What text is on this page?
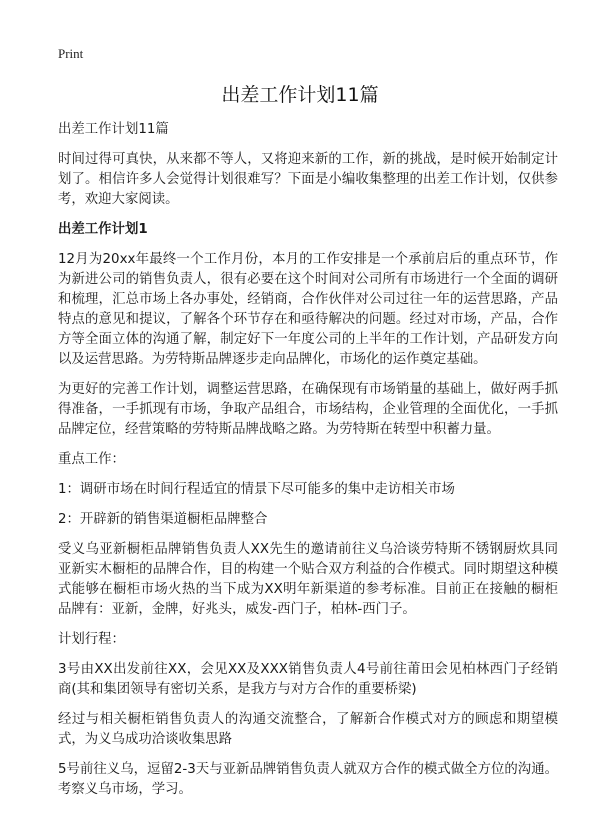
Print
出差工作计划11篇

出差工作计划11篇

时间过得可真快，从来都不等人，又将迎来新的工作，新的挑战，是时候开始制定计划了。相信许多人会觉得计划很难写？下面是小编收集整理的出差工作计划，仅供参考，欢迎大家阅读。

出差工作计划1

12月为20xx年最终一个工作月份，本月的工作安排是一个承前启后的重点环节，作为新进公司的销售负责人，很有必要在这个时间对公司所有市场进行一个全面的调研和梳理，汇总市场上各办事处，经销商，合作伙伴对公司过往一年的运营思路，产品特点的意见和提议，了解各个环节存在和亟待解决的问题。经过对市场，产品，合作方等全面立体的沟通了解，制定好下一年度公司的上半年的工作计划，产品研发方向以及运营思路。为劳特斯品牌逐步走向品牌化，市场化的运作奠定基础。

为更好的完善工作计划，调整运营思路，在确保现有市场销量的基础上，做好两手抓得准备，一手抓现有市场，争取产品组合，市场结构，企业管理的全面优化，一手抓品牌定位，经营策略的劳特斯品牌战略之路。为劳特斯在转型中积蓄力量。

重点工作：

1：调研市场在时间行程适宜的情景下尽可能多的集中走访相关市场

2：开辟新的销售渠道橱柜品牌整合

受义乌亚新橱柜品牌销售负责人XX先生的邀请前往义乌洽谈劳特斯不锈钢厨炊具同亚新实木橱柜的品牌合作，目的构建一个贴合双方利益的合作模式。同时期望这种模式能够在橱柜市场火热的当下成为XX明年新渠道的参考标准。目前正在接触的橱柜品牌有：亚新，金牌，好兆头，威发-西门子，柏林-西门子。

计划行程：

3号由XX出发前往XX，会见XX及XXX销售负责人4号前往莆田会见柏林西门子经销商(其和集团领导有密切关系，是我方与对方合作的重要桥梁)

经过与相关橱柜销售负责人的沟通交流整合，了解新合作模式对方的顾虑和期望模式，为义乌成功洽谈收集思路

5号前往义乌，逗留2-3天与亚新品牌销售负责人就双方合作的模式做全方位的沟通。考察义乌市场，学习。
